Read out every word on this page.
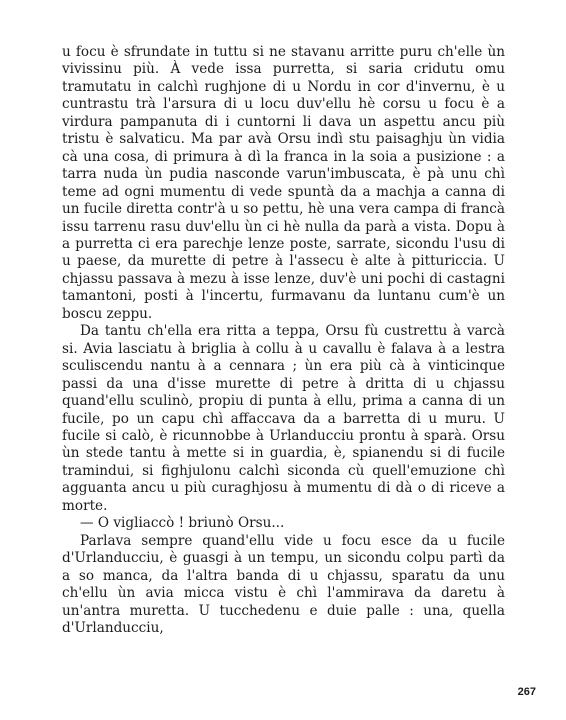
u focu è sfrundate in tuttu si ne stavanu arritte puru ch'elle ùn vivissinu più. À vede issa purretta, si saria cridutu omu tramutatu in calchì rughjone di u Nordu in cor d'invernu, è u cuntrastu trà l'arsura di u locu duv'ellu hè corsu u focu è a virdura pampanuta di i cuntorni li dava un aspettu ancu più tristu è salvaticu. Ma par avà Orsu indì stu paisaghju ùn vidia cà una cosa, di primura à dì la franca in la soia a pusizione : a tarra nuda ùn pudia nasconde varun'imbuscata, è pà unu chì teme ad ogni mumentu di vede spuntà da a machja a canna di un fucile diretta contr'à u so pettu, hè una vera campa di francà issu tarrenu rasu duv'ellu ùn ci hè nulla da parà a vista. Dopu à a purretta ci era parechje lenze poste, sarrate, sicondu l'usu di u paese, da murette di petre à l'assecu è alte à pitturiccia. U chjassu passava à mezu à isse lenze, duv'è uni pochi di castagni tamantoni, posti à l'incertu, furmavanu da luntanu cum'è un boscu zeppu.

Da tantu ch'ella era ritta a teppa, Orsu fù custrettu à varcà si. Avia lasciatu à briglia à collu à u cavallu è falava à a lestra sculiscendu nantu à a cennara ; ùn era più cà à vinticinque passi da una d'isse murette di petre à dritta di u chjassu quand'ellu sculinò, propiu di punta à ellu, prima a canna di un fucile, po un capu chì affaccava da a barretta di u muru. U fucile si calò, è ricunnobbe à Urlanducciu prontu à sparà. Orsu ùn stede tantu à mette si in guardia, è, spianendu si di fucile tramindui, si fighjulonu calchì siconda cù quell'emuzione chì agguanta ancu u più curaghjosu à mumentu di dà o di riceve a morte.

— O vigliaccò ! briunò Orsu...

Parlava sempre quand'ellu vide u focu esce da u fucile d'Urlanducciu, è guasgi à un tempu, un sicondu colpu partì da a so manca, da l'altra banda di u chjassu, sparatu da unu ch'ellu ùn avia micca vistu è chì l'ammirava da daretu à un'antra muretta. U tucchedenu e duie palle : una, quella d'Urlanducciu,

267
